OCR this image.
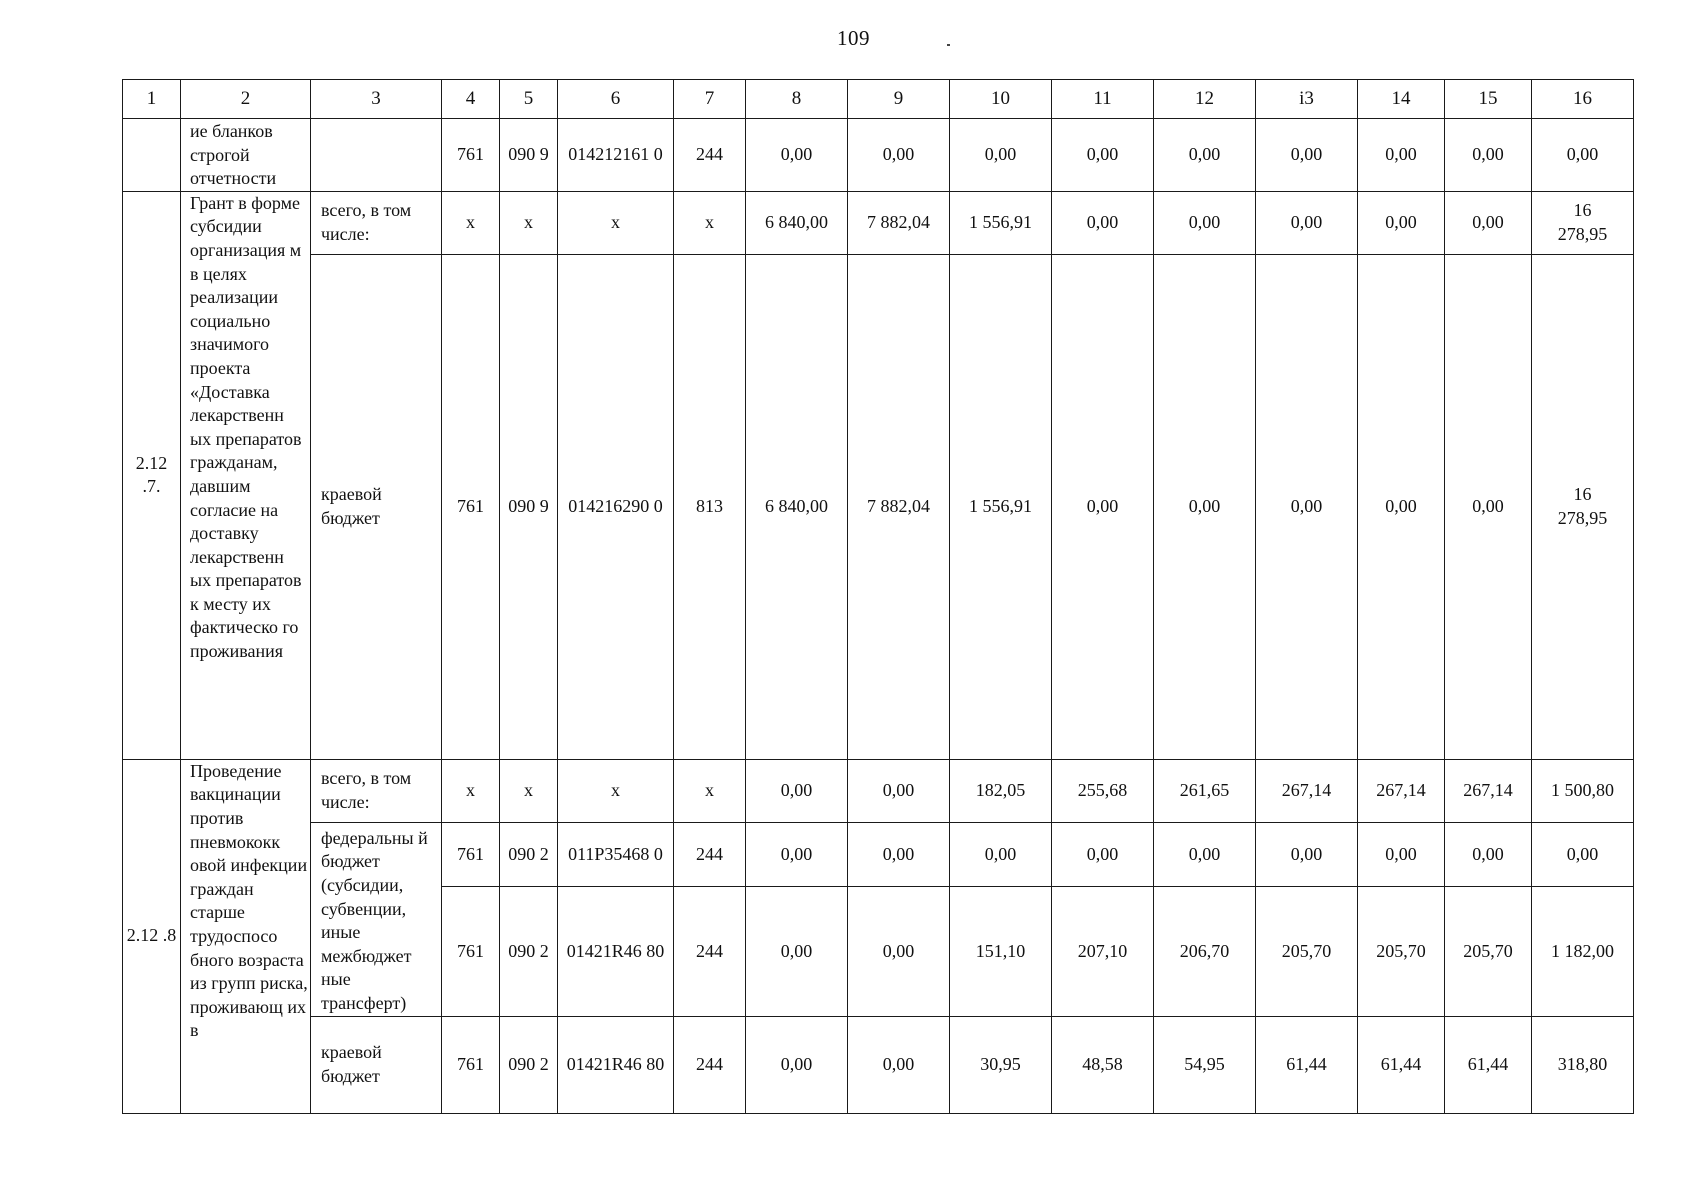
109
1	2	3	4	5	6	7	8	9	10	11	12	i3	14	15	16
	ие бланков строгой отчетности		761	090 9	014212161 0	244	0,00	0,00	0,00	0,00	0,00	0,00	0,00	0,00	0,00
2.12 .7.	Грант в форме субсидии организация м в целях реализации социально значимого проекта «Доставка лекарственн ых препаратов гражданам, давшим согласие на доставку лекарственн ых препаратов к месту их фактическо го проживания	всего, в том числе:	х	х	х	х	6 840,00	7 882,04	1 556,91	0,00	0,00	0,00	0,00	0,00	16 278,95
		краевой бюджет	761	090 9	014216290 0	813	6 840,00	7 882,04	1 556,91	0,00	0,00	0,00	0,00	0,00	16 278,95
2.12 .8	Проведение вакцинации против пневмококк овой инфекции граждан старше трудоспосо бного возраста из групп риска, проживающ их в	всего, в том числе:	х	х	х	х	0,00	0,00	182,05	255,68	261,65	267,14	267,14	267,14	1 500,80
		федеральны й бюджет (субсидии, субвенции, иные межбюджет ные трансферт)	761	090 2	011P35468 0	244	0,00	0,00	0,00	0,00	0,00	0,00	0,00	0,00	0,00
			761	090 2	01421R46 80	244	0,00	0,00	151,10	207,10	206,70	205,70	205,70	205,70	1 182,00
		краевой бюджет	761	090 2	01421R46 80	244	0,00	0,00	30,95	48,58	54,95	61,44	61,44	61,44	318,80
